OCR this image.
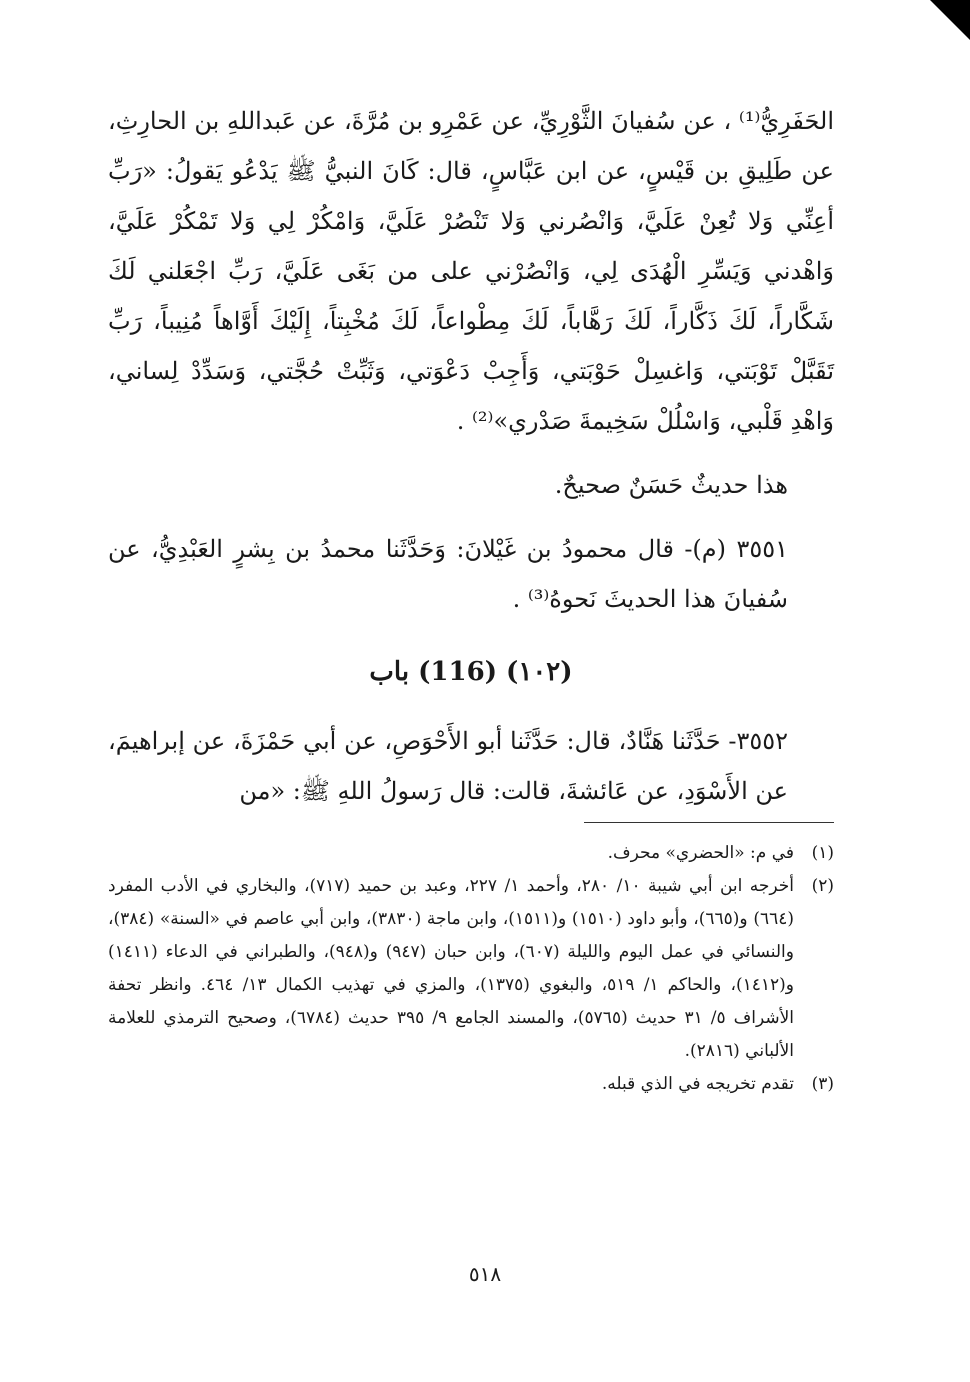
الحَفَرِيُّ⁽¹⁾ ، عن سُفيانَ الثَّوْرِيِّ، عن عَمْرِو بن مُرَّةَ، عن عَبداللهِ بن الحارِثِ، عن طَلِيقِ بن قَيْسٍ، عن ابن عَبَّاسٍ، قال: كَانَ النبيُّ ﷺ يَدْعُو يَقولُ: «رَبِّ أعِنِّي وَلا تُعِنْ عَلَيَّ، وَانْصُرني وَلا تَنْصُرْ عَلَيَّ، وَامْكُرْ لِي وَلا تَمْكُرْ عَلَيَّ، وَاهْدني وَيَسِّرِ الْهُدَى لِي، وَانْصُرْني على من بَغَى عَلَيَّ، رَبِّ اجْعَلني لَكَ شَكَّاراً، لَكَ ذَكَّاراً، لَكَ رَهَّاباً، لَكَ مِطْواعاً، لَكَ مُخْبِتاً، إِلَيْكَ أَوَّاهاً مُنِيباً، رَبِّ تَقَبَّلْ تَوْبَتي، وَاغسِلْ حَوْبَتي، وَأَجِبْ دَعْوَتي، وَثَبِّتْ حُجَّتي، وَسَدِّدْ لِساني، وَاهْدِ قَلْبي، وَاسْلُلْ سَخِيمةَ صَدْري»⁽²⁾ .

هذا حديثٌ حَسَنٌ صحيحٌ.

٣٥٥١ (م)- قال محمودُ بن غَيْلانَ: وَحَدَّثَنا محمدُ بن بِشرٍ العَبْدِيُّ، عن سُفيانَ هذا الحديثَ نَحوهُ⁽³⁾ .

(١٠٢) (116) باب

٣٥٥٢- حَدَّثَنا هَنَّادٌ، قال: حَدَّثَنا أبو الأَحْوَصِ، عن أبي حَمْزَةَ، عن إبراهيمَ، عن الأَسْوَدِ، عن عَائشةَ، قالت: قال رَسولُ اللهِ ﷺ: «من

(١)
في م: «الحضري» محرف.
(٢)
أخرجه ابن أبي شيبة ١٠/ ٢٨٠، وأحمد ١/ ٢٢٧، وعبد بن حميد (٧١٧)، والبخاري في الأدب المفرد (٦٦٤) و(٦٦٥)، وأبو داود (١٥١٠) و(١٥١١)، وابن ماجة (٣٨٣٠)، وابن أبي عاصم في «السنة» (٣٨٤)، والنسائي في عمل اليوم والليلة (٦٠٧)، وابن حبان (٩٤٧) و(٩٤٨)، والطبراني في الدعاء (١٤١١) و(١٤١٢)، والحاكم ١/ ٥١٩، والبغوي (١٣٧٥)، والمزي في تهذيب الكمال ١٣/ ٤٦٤. وانظر تحفة الأشراف ٥/ ٣١ حديث (٥٧٦٥)، والمسند الجامع ٩/ ٣٩٥ حديث (٦٧٨٤)، وصحيح الترمذي للعلامة الألباني (٢٨١٦).
(٣)
تقدم تخريجه في الذي قبله.
٥١٨
